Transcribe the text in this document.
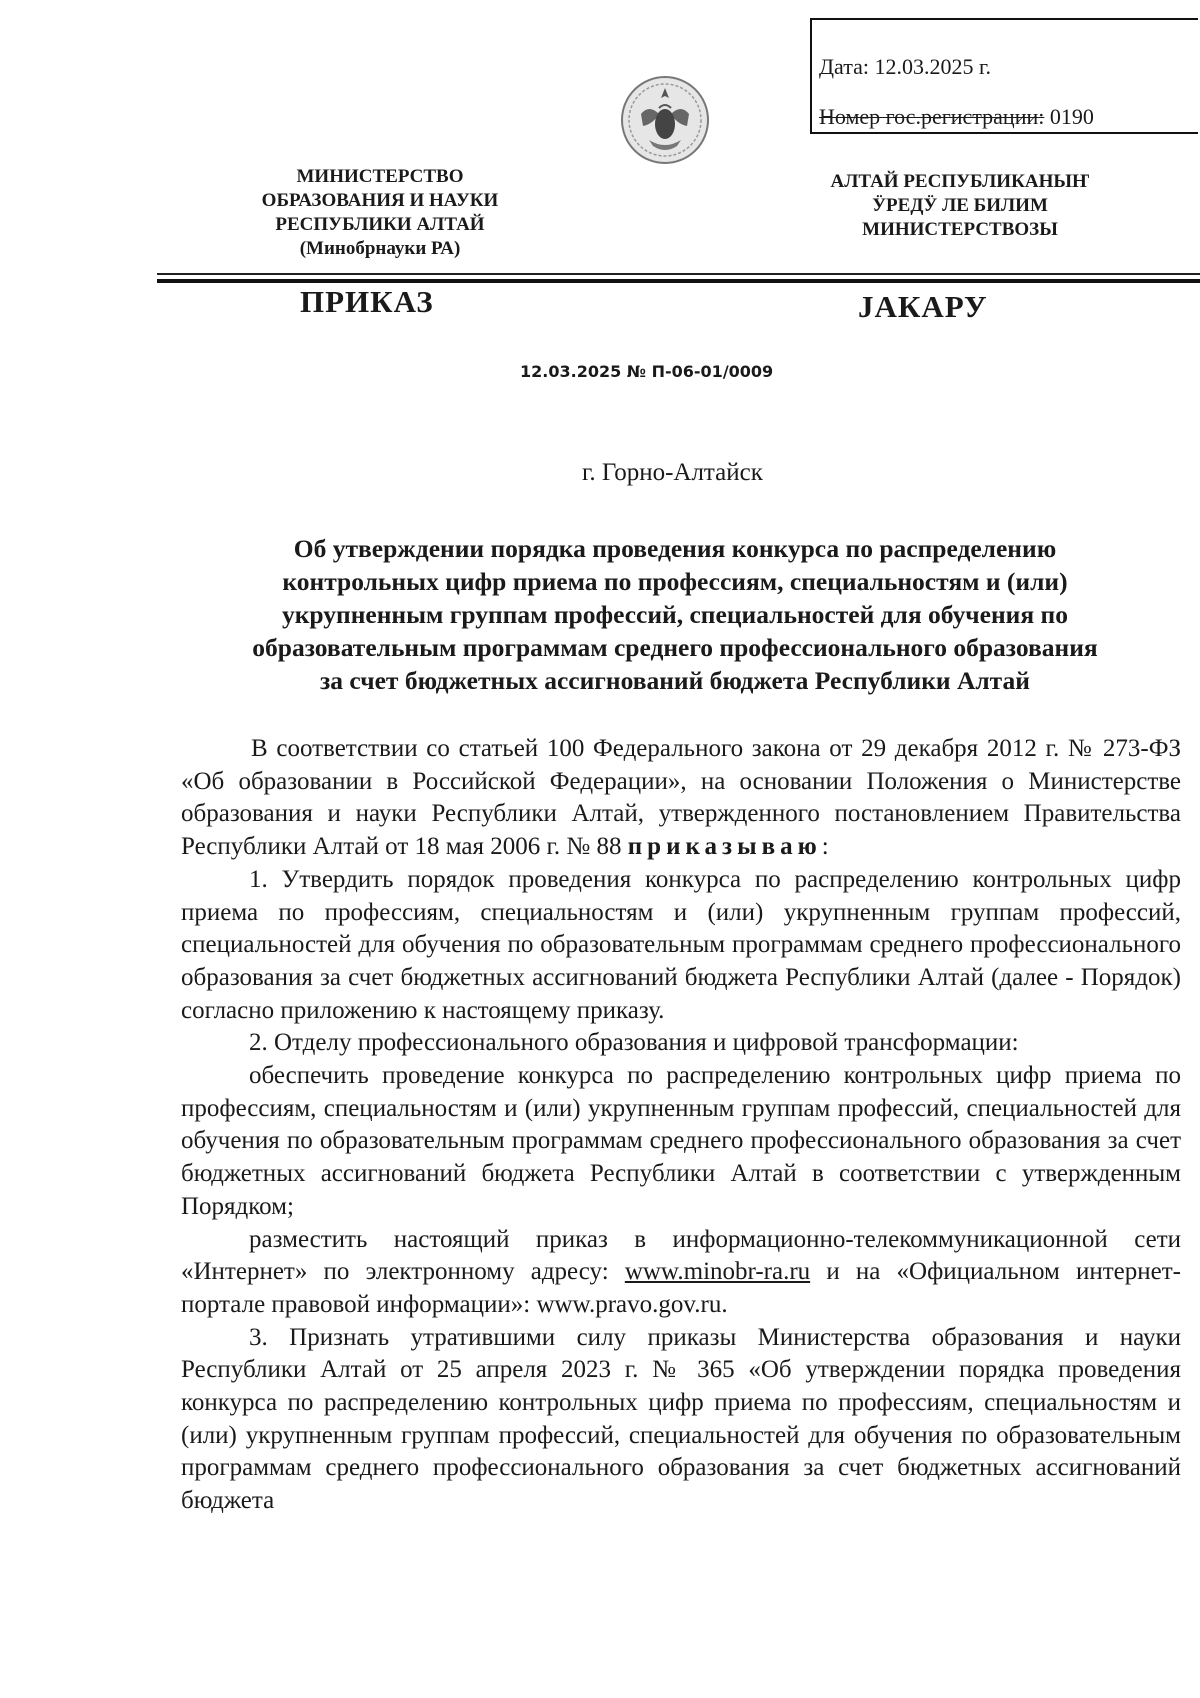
Дата: 12.03.2025 г.
Номер гос.регистрации: 0190
МИНИСТЕРСТВО
ОБРАЗОВАНИЯ И НАУКИ
РЕСПУБЛИКИ АЛТАЙ
(Минобрнауки РА)
АЛТАЙ РЕСПУБЛИКАНЫҤ
ӰРЕДӰ ЛЕ БИЛИМ
МИНИСТЕРСТВОЗЫ
ПРИКАЗ	JАКАРУ
12.03.2025 № П-06-01/0009
г. Горно-Алтайск
Об утверждении порядка проведения конкурса по распределению
контрольных цифр приема по профессиям, специальностям и (или)
укрупненным группам профессий, специальностей для обучения по
образовательным программам среднего профессионального образования
за счет бюджетных ассигнований бюджета Республики Алтай

В соответствии со статьей 100 Федерального закона от 29 декабря 2012 г. № 273-ФЗ «Об образовании в Российской Федерации», на основании Положения о Министерстве образования и науки Республики Алтай, утвержденного постановлением Правительства Республики Алтай от 18 мая 2006 г. № 88 приказываю:

1. Утвердить порядок проведения конкурса по распределению контрольных цифр приема по профессиям, специальностям и (или) укрупненным группам профессий, специальностей для обучения по образовательным программам среднего профессионального образования за счет бюджетных ассигнований бюджета Республики Алтай (далее - Порядок) согласно приложению к настоящему приказу.

2. Отделу профессионального образования и цифровой трансформации:

обеспечить проведение конкурса по распределению контрольных цифр приема по профессиям, специальностям и (или) укрупненным группам профессий, специальностей для обучения по образовательным программам среднего профессионального образования за счет бюджетных ассигнований бюджета Республики Алтай в соответствии с утвержденным Порядком;

разместить настоящий приказ в информационно-телекоммуникационной сети «Интернет» по электронному адресу: www.minobr-ra.ru и на «Официальном интернет-портале правовой информации»: www.pravo.gov.ru.

3. Признать утратившими силу приказы Министерства образования и науки Республики Алтай от 25 апреля 2023 г. № 365 «Об утверждении порядка проведения конкурса по распределению контрольных цифр приема по профессиям, специальностям и (или) укрупненным группам профессий, специальностей для обучения по образовательным программам среднего профессионального образования за счет бюджетных ассигнований бюджета
